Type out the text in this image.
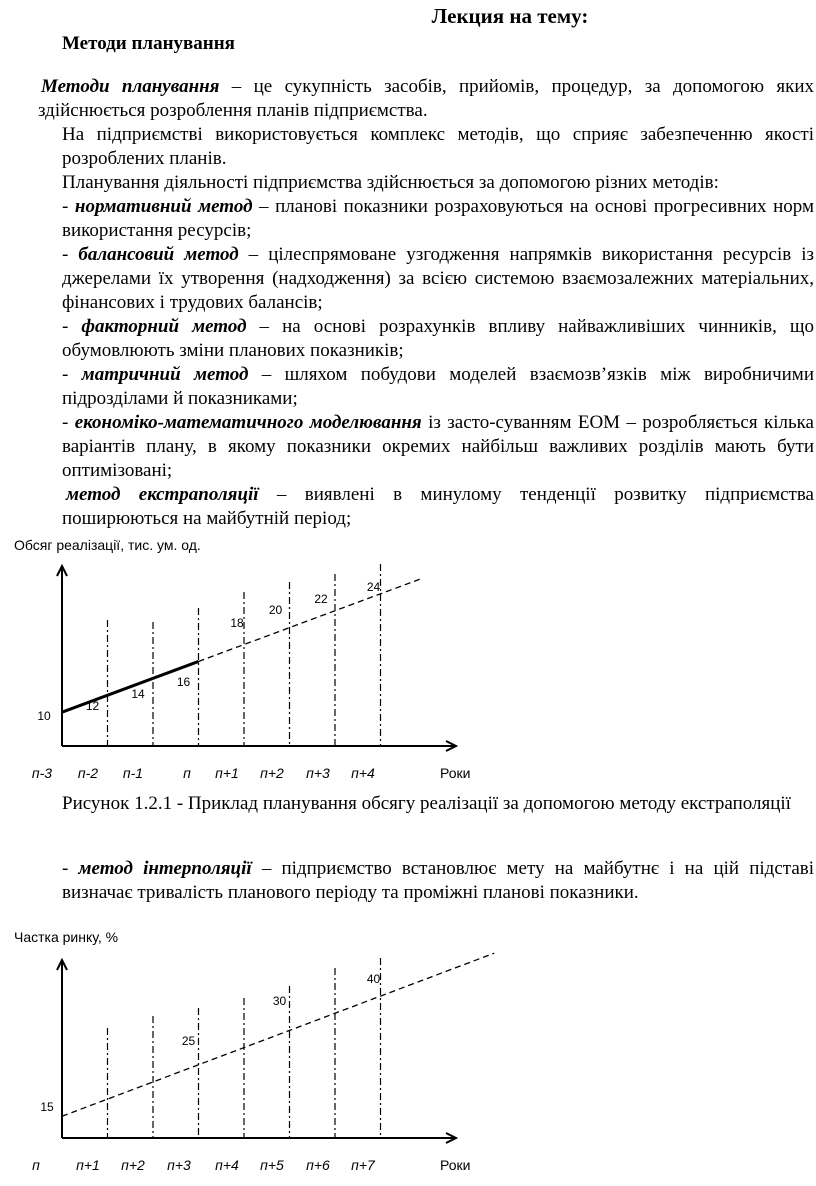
Лекция на тему:
Методи планування

Методи планування – це сукупність засобів, прийомів, процедур, за допомогою яких здійснюється розроблення планів підприємства.

На підприємстві використовується комплекс методів, що сприяє забезпеченню якості розроблених планів.

Планування діяльності підприємства здійснюється за допомогою різних методів:

- нормативний метод – планові показники розраховуються на основі прогресивних норм використання ресурсів;

- балансовий метод – цілеспрямоване узгодження напрямків використання ресурсів із джерелами їх утворення (надходження) за всією системою взаємозалежних матеріальних, фінансових і трудових балансів;

- факторний метод – на основі розрахунків впливу найважливіших чинників, що обумовлюють зміни планових показників;

- матричний метод – шляхом побудови моделей взаємозв’язків між виробничими підрозділами й показниками;

- економіко-математичного моделювання із засто-суванням ЕОМ – розробляється кілька варіантів плану, в якому показники окремих найбільш важливих розділів мають бути оптимізовані;

метод екстраполяції – виявлені в минулому тенденції розвитку підприємства поширюються на майбутній період;

Обсяг реалізації, тис. ум. од.
10
12
14
16
18
20
22
24
п-3 п-2 п-1	п п+1 п+2 п+3 п+4	Роки

Рисунок 1.2.1 - Приклад планування обсягу реалізації за допомогою методу екстраполяції

- метод інтерполяції – підприємство встановлює мету на майбутнє і на цій підставі визначає тривалість планового періоду та проміжні планові показники.

Частка ринку, %
15
25
30
40
п	п+1 п+2 п+3 п+4 п+5 п+6 п+7	Роки
